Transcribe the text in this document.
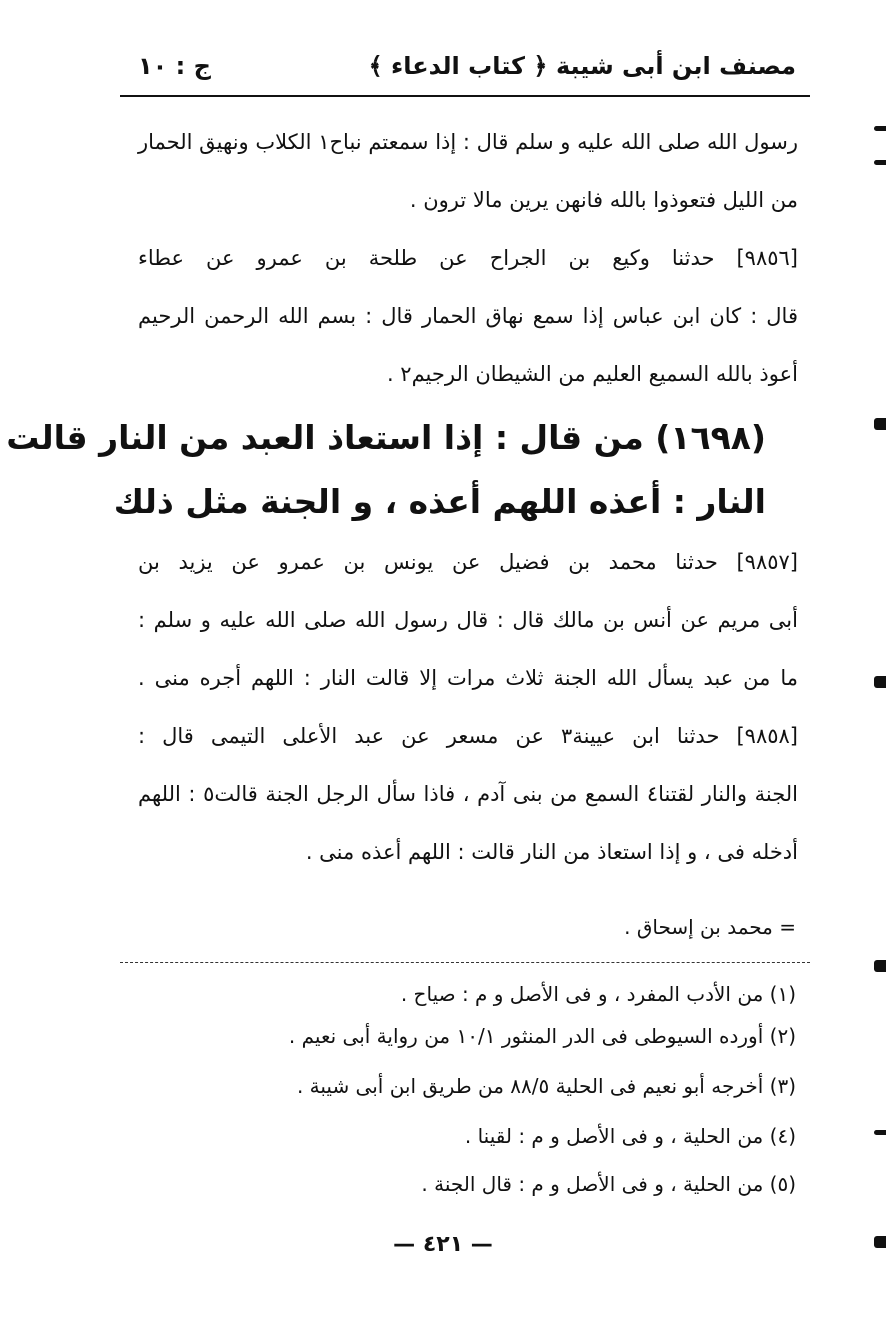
مصنف ابن أبى شيبة
﴿ كتاب الدعاء ﴾
ج : ١٠
رسول الله صلى الله عليه و سلم قال : إذا سمعتم نباح١ الكلاب ونهيق الحمار
من الليل فتعوذوا بالله فانهن يرين مالا ترون .
[٩٨٥٦] حدثنا وكيع بن الجراح عن طلحة بن عمرو عن عطاء
قال : كان ابن عباس إذا سمع نهاق الحمار قال : بسم الله الرحمن الرحيم
أعوذ بالله السميع العليم من الشيطان الرجيم٢ .
(١٦٩٨) من قال : إذا استعاذ العبد من النار قالت
النار : أعذه اللهم أعذه ، و الجنة مثل ذلك
[٩٨٥٧] حدثنا محمد بن فضيل عن يونس بن عمرو عن يزيد بن
أبى مريم عن أنس بن مالك قال : قال رسول الله صلى الله عليه و سلم :
ما من عبد يسأل الله الجنة ثلاث مرات إلا قالت النار : اللهم أجره منى .
[٩٨٥٨] حدثنا ابن عيينة٣ عن مسعر عن عبد الأعلى التيمى قال :
الجنة والنار لقتنا٤ السمع من بنى آدم ، فاذا سأل الرجل الجنة قالت٥ : اللهم
أدخله فى ، و إذا استعاذ من النار قالت : اللهم أعذه منى .
= محمد بن إسحاق .
(١) من الأدب المفرد ، و فى الأصل و م : صياح .
(٢) أورده السيوطى فى الدر المنثور ١٠/١ من رواية أبى نعيم .
(٣) أخرجه أبو نعيم فى الحلية ٨٨/٥ من طريق ابن أبى شيبة .
(٤) من الحلية ، و فى الأصل و م : لقينا .
(٥) من الحلية ، و فى الأصل و م : قال الجنة .
— ٤٢١ —
